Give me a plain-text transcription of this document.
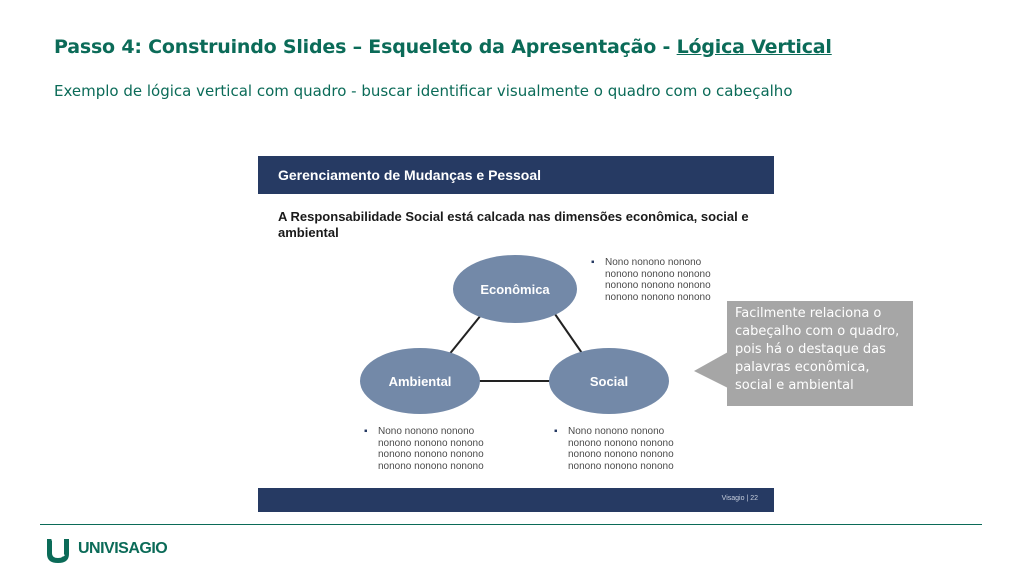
Passo 4: Construindo Slides – Esqueleto da Apresentação - Lógica Vertical
Exemplo de lógica vertical com quadro - buscar identificar visualmente o quadro com o cabeçalho
Gerenciamento de Mudanças e Pessoal
A Responsabilidade Social está calcada nas dimensões econômica, social e ambiental
Econômica
Ambiental	Social
▪ Nono nonono nonono
nonono nonono nonono
nonono nonono nonono
nonono nonono nonono
▪ Nono nonono nonono
nonono nonono nonono
nonono nonono nonono
nonono nonono nonono
▪ Nono nonono nonono
nonono nonono nonono
nonono nonono nonono
nonono nonono nonono
Visagio | 22
Facilmente relaciona o cabeçalho com o quadro, pois há o destaque das palavras econômica, social e ambiental
UNIVISAGIO
